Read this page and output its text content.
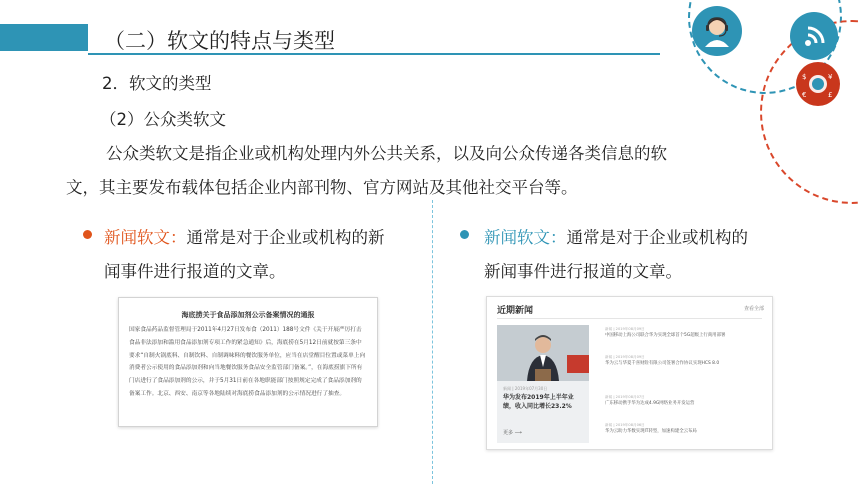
（二）软文的特点与类型
$	¥
€	£
2．软文的类型
（2）公众类软文
公众类软文是指企业或机构处理内外公共关系，以及向公众传递各类信息的软
文，其主要发布载体包括企业内部刊物、官方网站及其他社交平台等。
新闻软文：通常是对于企业或机构的新
闻事件进行报道的文章。
新闻软文：通常是对于企业或机构的
新闻事件进行报道的文章。
海底捞关于食品添加剂公示备案情况的通报
国家食品药品监督管理局于2011年4月27日发布食（2011）188号文件《关于开展严厉打击食品非法添加和滥用食品添加剂专项工作的紧急通知》后，海底捞在5月12日前就按第三条中要求“自制火锅底料、自制饮料、自制调味料的餐饮服务单位，应当在店堂醒目位置或菜单上向消费者公示使用的食品添加剂和向当地餐饮服务食品安全监管部门备案。”，在海底捞旗下所有门店进行了食品添加剂的公示，并于5月31日前在各地职能部门按照规定完成了食品添加剂的备案工作。北京、西安、南京等各地陆续对海底捞食品添加剂的公示情况进行了抽查。
近期新闻	查看全部
新闻 | 2019年07月30日
华为发布2019年上半年业绩，收入同比增长23.2%
更多 ⟶
新闻 | 2019年08月09日
中国移动上海公司联合华为实现全球首个5G超级上行商用部署
新闻 | 2019年08月09日
华为云与华夏千喜财险有限公司签署合作协议实现HCS 8.0
新闻 | 2019年08月07日
广东移动携手华为达成4.9G网络业务开发运营
新闻 | 2019年08月06日
华为云助力华数实现IT转型，加速构建全云布局
